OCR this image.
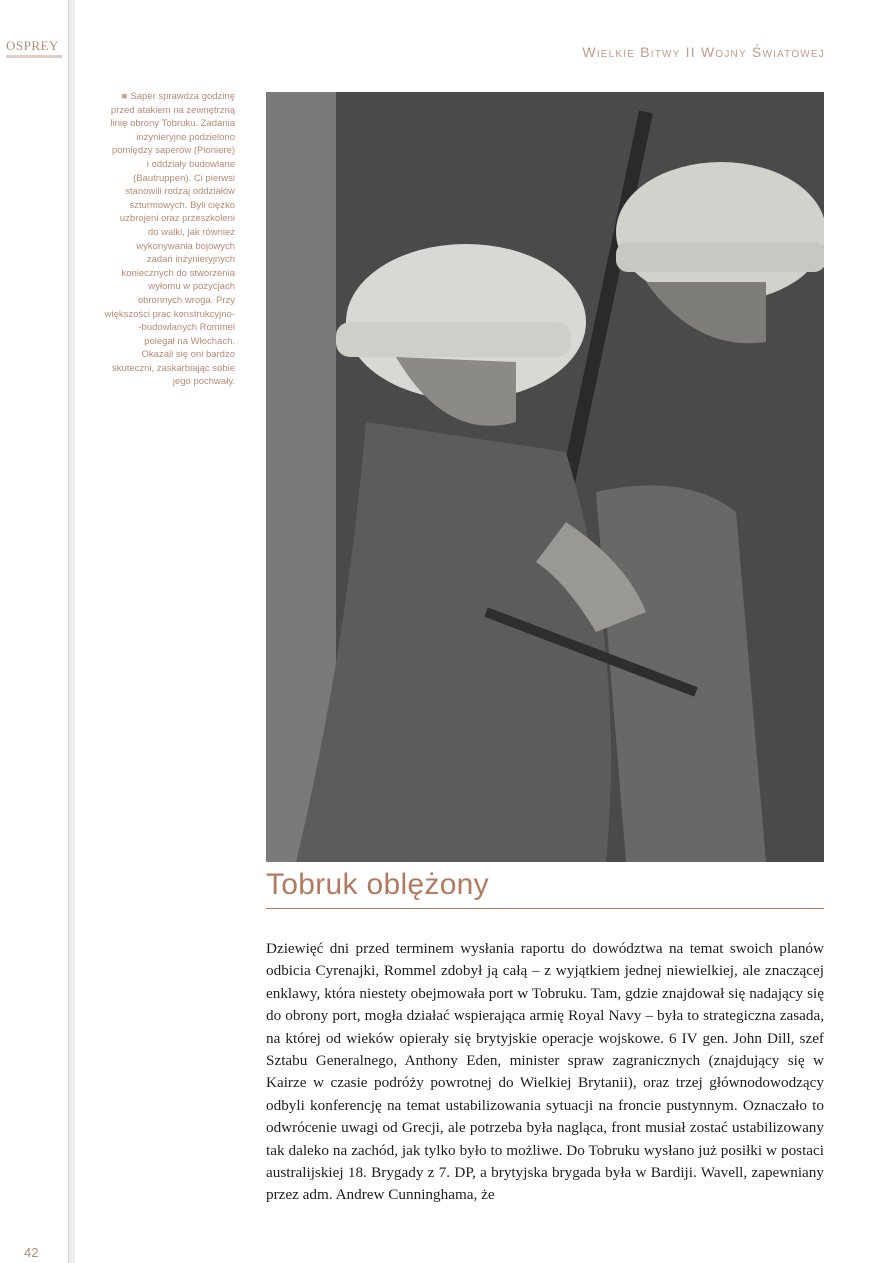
OSPREY	Wielkie Bitwy II Wojny Światowej
■ Saper sprawdza godzinę
przed atakiem na zewnętrzną
linię obrony Tobruku. Zadania
inżynieryjne podzielono
pomiędzy saperów (Pioniere)
i oddziały budowlane
(Bautruppen). Ci pierwsi
stanowili rodzaj oddziałów
szturmowych. Byli ciężko
uzbrojeni oraz przeszkoleni
do walki, jak również
wykonywania bojowych
zadań inżynieryjnych
koniecznych do stworzenia
wyłomu w pozycjach
obronnych wroga. Przy
większości prac konstrukcyjno-
-budowlanych Rommel
polegał na Włochach.
Okazali się oni bardzo
skuteczni, zaskarbiając sobie
jego pochwały.
Tobruk oblężony
Dziewięć dni przed terminem wysłania raportu do dowództwa na temat swoich planów odbicia Cyrenajki, Rommel zdobył ją całą – z wyjątkiem jednej niewielkiej, ale znaczącej enklawy, która niestety obejmowała port w Tobruku. Tam, gdzie znajdował się nadający się do obrony port, mogła działać wspierająca armię Royal Navy – była to strategiczna zasada, na której od wieków opierały się brytyjskie operacje wojskowe. 6 IV gen. John Dill, szef Sztabu Generalnego, Anthony Eden, minister spraw zagranicznych (znajdujący się w Kairze w czasie podróży powrotnej do Wielkiej Brytanii), oraz trzej głównodowodzący odbyli konferencję na temat ustabilizowania sytuacji na froncie pustynnym. Oznaczało to odwrócenie uwagi od Grecji, ale potrzeba była nagląca, front musiał zostać ustabilizowany tak daleko na zachód, jak tylko było to możliwe. Do Tobruku wysłano już posiłki w postaci australijskiej 18. Brygady z 7. DP, a brytyjska brygada była w Bardiji. Wavell, zapewniany przez adm. Andrew Cunninghama, że
42
